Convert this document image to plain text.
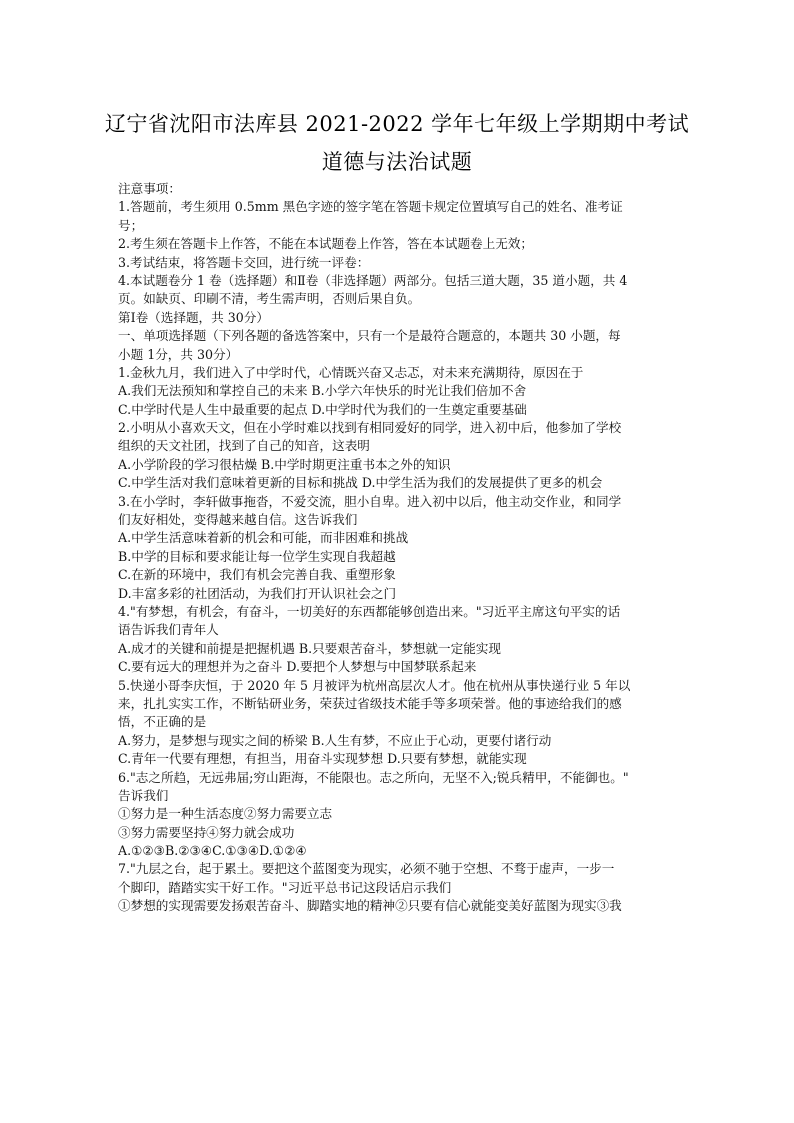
辽宁省沈阳市法库县 2021-2022 学年七年级上学期期中考试
道德与法治试题
注意事项：
1.答题前，考生须用 0.5mm 黑色字迹的签字笔在答题卡规定位置填写自己的姓名、准考证
号；
2.考生须在答题卡上作答，不能在本试题卷上作答，答在本试题卷上无效；
3.考试结束，将答题卡交回，进行统一评卷：
4.本试题卷分 1 卷（选择题）和Ⅱ卷（非选择题）两部分。包括三道大题，35 道小题，共 4
页。如缺页、印刷不清，考生需声明，否则后果自负。
第Ⅰ卷（选择题，共 30分）
一、单项选择题（下列各题的备选答案中，只有一个是最符合题意的，本题共 30 小题，每
小题 1分，共 30分）
1.金秋九月，我们进入了中学时代，心情既兴奋又忐忑，对未来充满期待，原因在于
A.我们无法预知和掌控自己的未来 B.小学六年快乐的时光让我们倍加不舍
C.中学时代是人生中最重要的起点 D.中学时代为我们的一生奠定重要基础
2.小明从小喜欢天文，但在小学时难以找到有相同爱好的同学，进入初中后，他参加了学校
组织的天文社团，找到了自己的知音，这表明
A.小学阶段的学习很枯燥 B.中学时期更注重书本之外的知识
C.中学生活对我们意味着更新的目标和挑战 D.中学生活为我们的发展提供了更多的机会
3.在小学时，李轩做事拖沓，不爱交流，胆小自卑。进入初中以后，他主动交作业，和同学
们友好相处，变得越来越自信。这告诉我们
A.中学生活意味着新的机会和可能，而非困难和挑战
B.中学的目标和要求能让每一位学生实现自我超越
C.在新的环境中，我们有机会完善自我、重塑形象
D.丰富多彩的社团活动，为我们打开认识社会之门
4."有梦想，有机会，有奋斗，一切美好的东西都能够创造出来。"习近平主席这句平实的话
语告诉我们青年人
A.成才的关键和前提是把握机遇 B.只要艰苦奋斗，梦想就一定能实现
C.要有远大的理想并为之奋斗 D.要把个人梦想与中国梦联系起来
5.快递小哥李庆恒，于 2020 年 5 月被评为杭州高层次人才。他在杭州从事快递行业 5 年以
来，扎扎实实工作，不断钻研业务，荣获过省级技术能手等多项荣誉。他的事迹给我们的感
悟，不正确的是
A.努力，是梦想与现实之间的桥梁 B.人生有梦，不应止于心动，更要付诸行动
C.青年一代要有理想，有担当，用奋斗实现梦想 D.只要有梦想，就能实现
6."志之所趋，无远弗届;穷山距海，不能限也。志之所向，无坚不入;锐兵精甲，不能御也。"
告诉我们
①努力是一种生活态度②努力需要立志
③努力需要坚持④努力就会成功
A.①②③B.②③④C.①③④D.①②④
7."九层之台，起于累土。要把这个蓝图变为现实，必须不驰于空想、不骛于虚声，一步一
个脚印，踏踏实实干好工作。"习近平总书记这段话启示我们
①梦想的实现需要发扬艰苦奋斗、脚踏实地的精神②只要有信心就能变美好蓝图为现实③我
